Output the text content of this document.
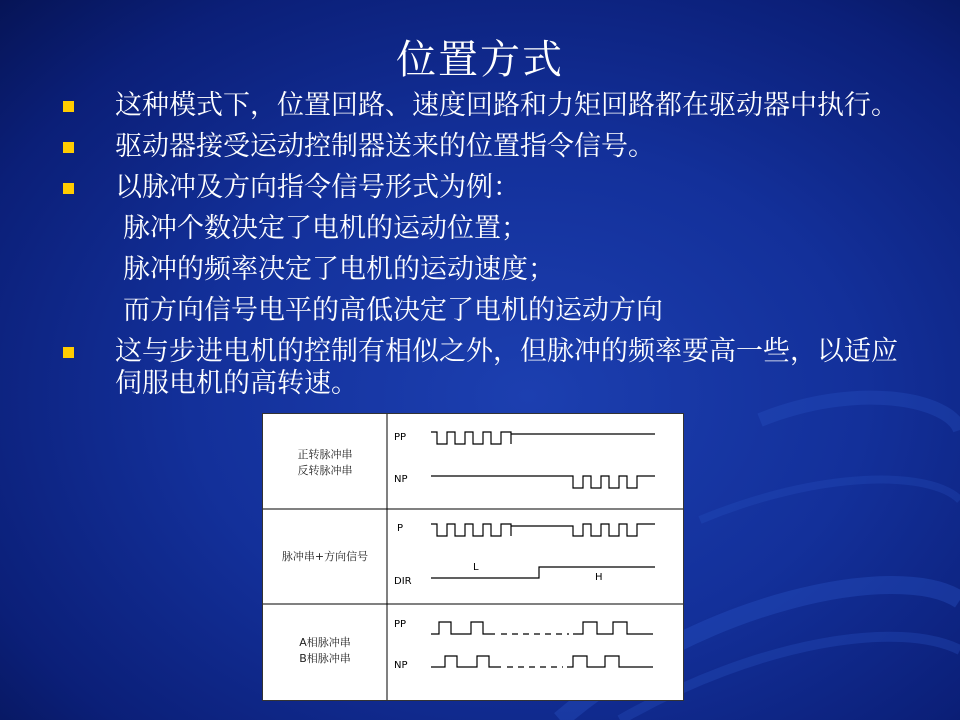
位置方式
这种模式下，位置回路、速度回路和力矩回路都在驱动器中执行。
驱动器接受运动控制器送来的位置指令信号。
以脉冲及方向指令信号形式为例：
脉冲个数决定了电机的运动位置；
脉冲的频率决定了电机的运动速度；
而方向信号电平的高低决定了电机的运动方向
这与步进电机的控制有相似之外，但脉冲的频率要高一些，以适应伺服电机的高转速。
正转脉冲串
反转脉冲串
PP
NP
脉冲串+方向信号
P
DIR
L
H
A相脉冲串
B相脉冲串
PP
NP
